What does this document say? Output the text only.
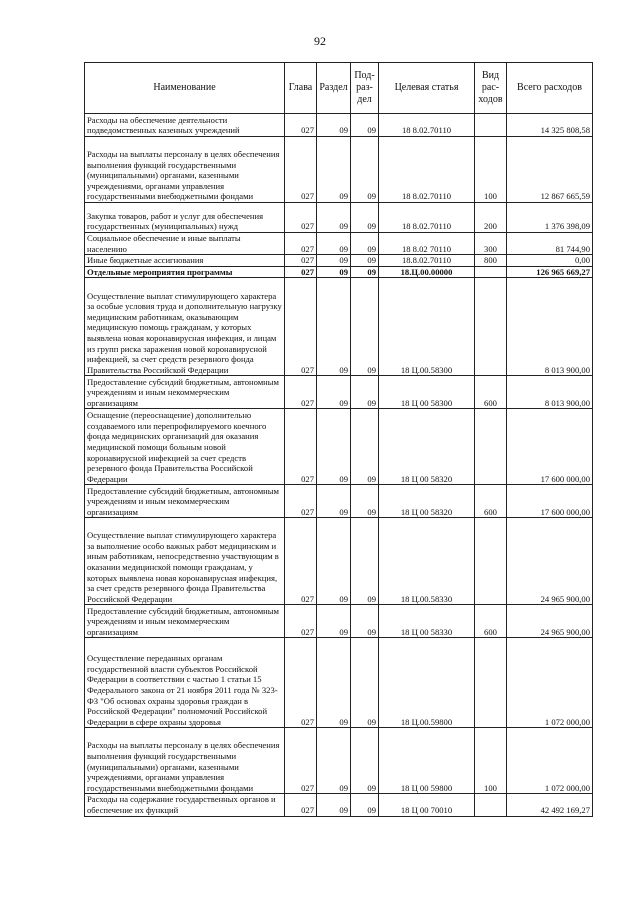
92
Наименование	Глава	Раздел	Под-раз-дел	Целевая статья	Вид рас-ходов	Всего расходов
Расходы на обеспечение деятельности подведомственных казенных учреждений	027	09	09	18 8.02.70110		14 325 808,58
Расходы на выплаты персоналу в целях обеспечения выполнения функций государственными (муниципальными) органами, казенными учреждениями, органами управления государственными внебюджетными фондами	027	09	09	18 8.02.70110	100	12 867 665,59
Закупка товаров, работ и услуг для обеспечения государственных (муниципальных) нужд	027	09	09	18 8.02.70110	200	1 376 398,09
Социальное обеспечение и иные выплаты населению	027	09	09	18 8.02 70110	300	81 744,90
Иные бюджетные ассигнования	027	09	09	18.8.02.70110	800	0,00
Отдельные мероприятия программы	027	09	09	18.Ц.00.00000		126 965 669,27
Осуществление выплат стимулирующего характера за особые условия труда и дополнительную нагрузку медицинским работникам, оказывающим медицинскую помощь гражданам, у которых выявлена новая коронавирусная инфекция, и лицам из групп риска заражения новой коронавирусной инфекцией, за счет средств резервного фонда Правительства Российской Федерации	027	09	09	18 Ц.00.58300		8 013 900,00
Предоставление субсидий бюджетным, автономным учреждениям и иным некоммерческим организациям	027	09	09	18 Ц 00 58300	600	8 013 900,00
Оснащение (переоснащение) дополнительно создаваемого или перепрофилируемого коечного фонда медицинских организаций для оказания медицинской помощи больным новой коронавирусной инфекцией за счет средств резервного фонда Правительства Российской Федерации	027	09	09	18 Ц 00 58320		17 600 000,00
Предоставление субсидий бюджетным, автономным учреждениям и иным некоммерческим организациям	027	09	09	18 Ц 00 58320	600	17 600 000,00
Осуществление выплат стимулирующего характера за выполнение особо важных работ медицинским и иным работникам, непосредственно участвующим в оказании медицинской помощи гражданам, у которых выявлена новая коронавирусная инфекция, за счет средств резервного фонда Правительства Российской Федерации	027	09	09	18 Ц.00.58330		24 965 900,00
Предоставление субсидий бюджетным, автономным учреждениям и иным некоммерческим организациям	027	09	09	18 Ц 00 58330	600	24 965 900,00
Осуществление переданных органам государственной власти субъектов Российской Федерации в соответствии с частью 1 статьи 15 Федерального закона от 21 ноября 2011 года № 323-ФЗ "Об основах охраны здоровья граждан в Российской Федерации" полномочий Российской Федерации в сфере охраны здоровья	027	09	09	18 Ц.00.59800		1 072 000,00
Расходы на выплаты персоналу в целях обеспечения выполнения функций государственными (муниципальными) органами, казенными учреждениями, органами управления государственными внебюджетными фондами	027	09	09	18 Ц 00 59800	100	1 072 000,00
Расходы на содержание государственных органов и обеспечение их функций	027	09	09	18 Ц 00 70010		42 492 169,27
